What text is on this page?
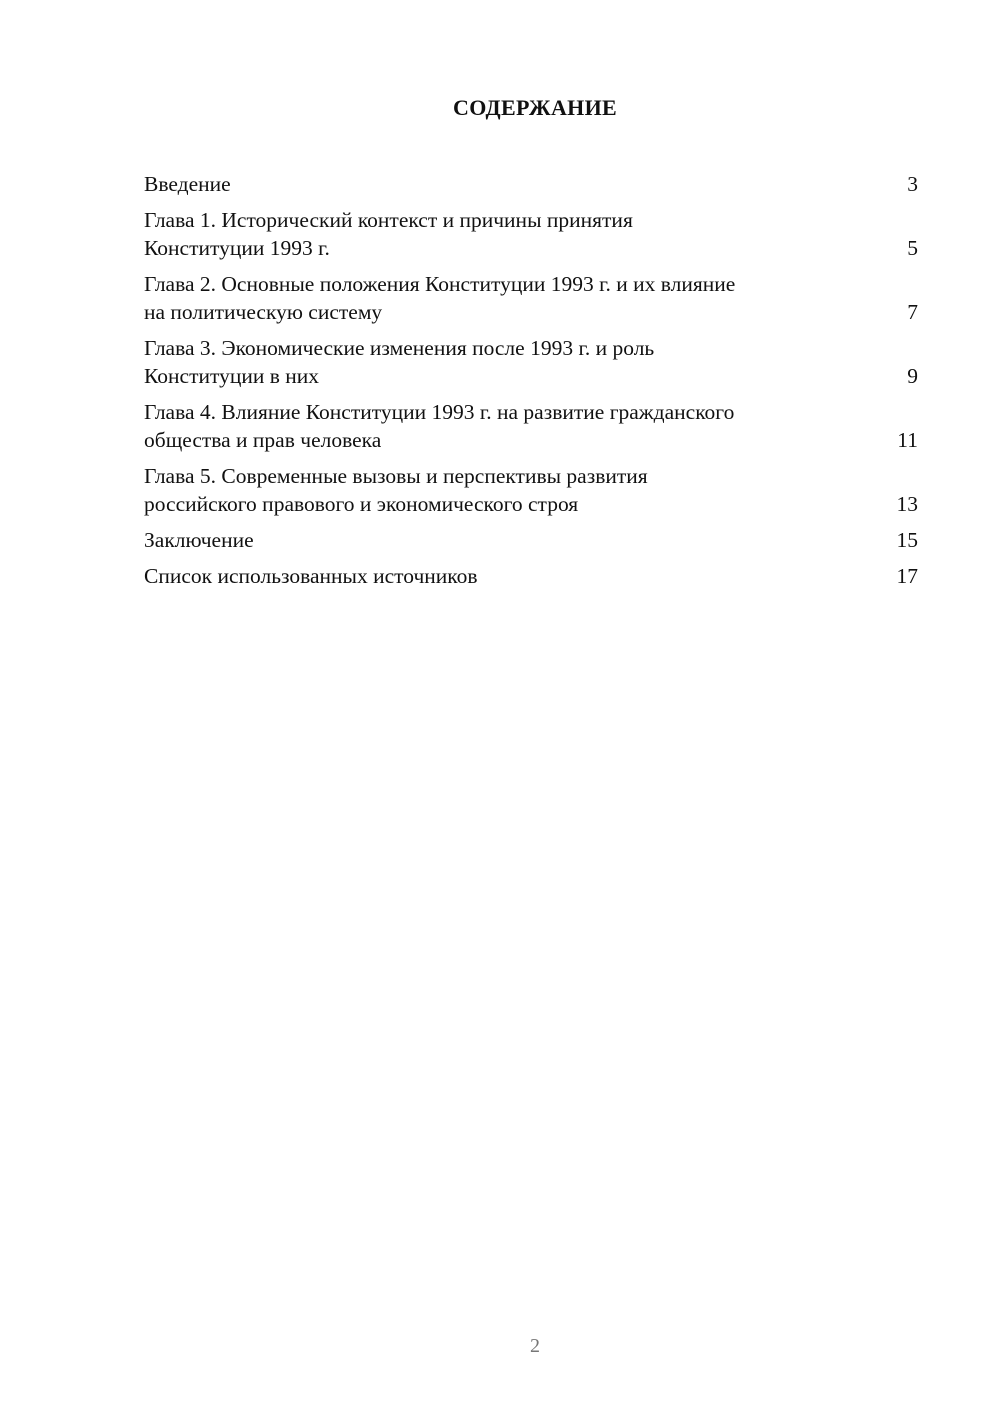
СОДЕРЖАНИЕ
Введение	3
Глава 1. Исторический контекст и причины принятия Конституции 1993 г.	5
Глава 2. Основные положения Конституции 1993 г. и их влияние на политическую систему	7
Глава 3. Экономические изменения после 1993 г. и роль Конституции в них	9
Глава 4. Влияние Конституции 1993 г. на развитие гражданского общества и прав человека	11
Глава 5. Современные вызовы и перспективы развития российского правового и экономического строя	13
Заключение	15
Список использованных источников	17
2
